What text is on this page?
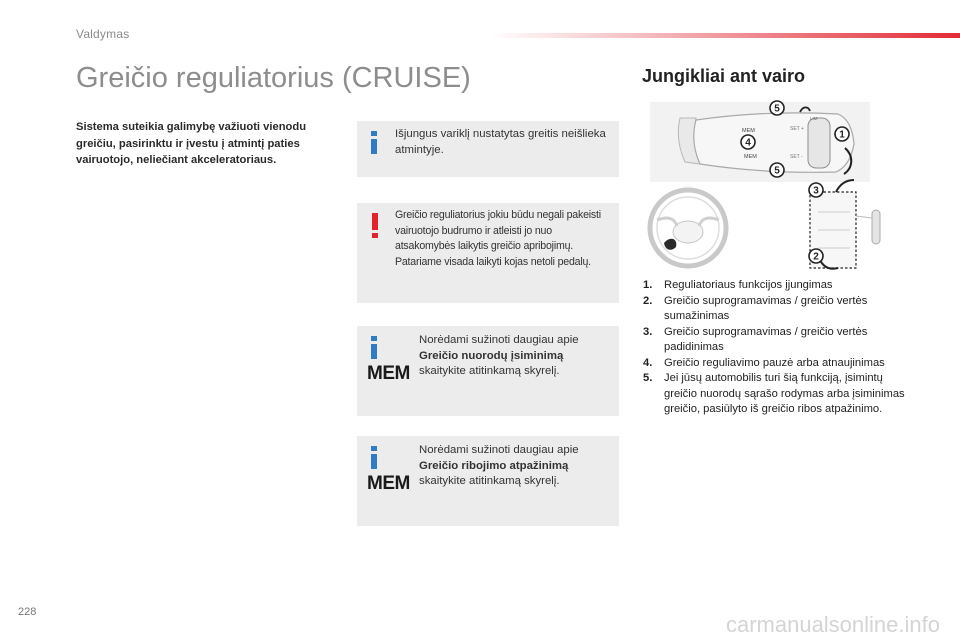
Valdymas
Greičio reguliatorius (CRUISE)

Sistema suteikia galimybę važiuoti vienodu greičiu, pasirinktu ir įvestu į atmintį paties vairuotojo, neliečiant akceleratoriaus.

Išjungus variklį nustatytas greitis neišlieka atmintyje.
Greičio reguliatorius jokiu būdu negali pakeisti vairuotojo budrumo ir atleisti jo nuo atsakomybės laikytis greičio apribojimų. Patariame visada laikyti kojas netoli pedalų.
MEM
Norėdami sužinoti daugiau apie
Greičio nuorodų įsiminimą
skaitykite atitinkamą skyrelį.
MEM
Norėdami sužinoti daugiau apie
Greičio ribojimo atpažinimą
skaitykite atitinkamą skyrelį.
Jungikliai ant vairo
MEM	SET +
SET -
MEM
LIM
5
1
4
5
3
2
1. Reguliatoriaus funkcijos įjungimas
2. Greičio suprogramavimas / greičio vertės sumažinimas
3. Greičio suprogramavimas / greičio vertės padidinimas
4. Greičio reguliavimo pauzė arba atnaujinimas
5. Jei jūsų automobilis turi šią funkciją, įsimintų greičio nuorodų sąrašo rodymas arba įsiminimas greičio, pasiūlyto iš greičio ribos atpažinimo.
228	carmanualsonline.info
